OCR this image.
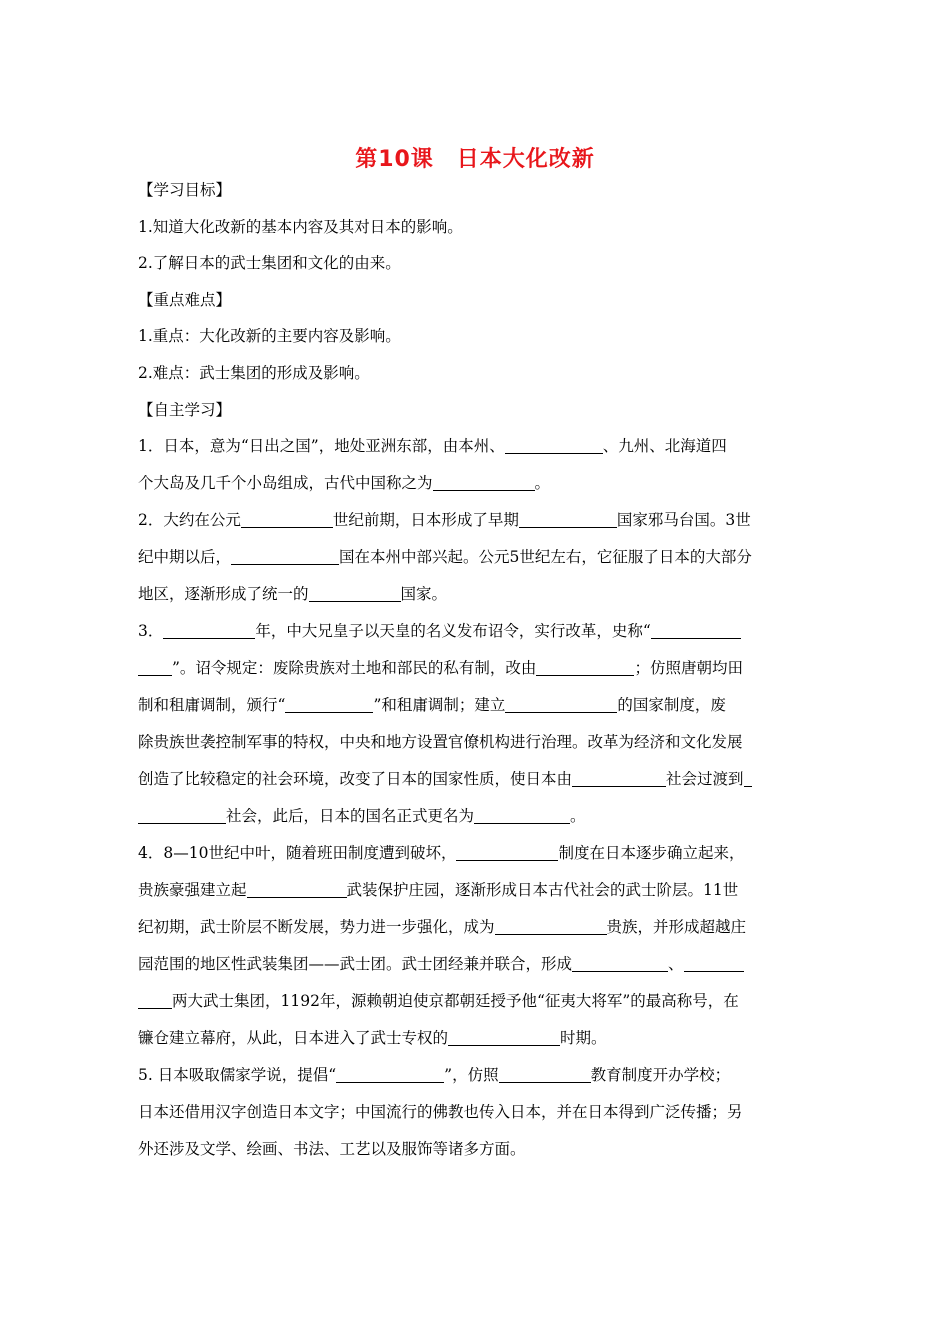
第10课　日本大化改新
【学习目标】
1.知道大化改新的基本内容及其对日本的影响。
2.了解日本的武士集团和文化的由来。
【重点难点】
1.重点：大化改新的主要内容及影响。
2.难点：武士集团的形成及影响。
【自主学习】
1．日本，意为“日出之国”，地处亚洲东部，由本州、	、九州、北海道四
个大岛及几千个小岛组成，古代中国称之为	。
2．大约在公元	世纪前期，日本形成了早期	国家邪马台国。3世
纪中期以后，	国在本州中部兴起。公元5世纪左右，它征服了日本的大部分
地区，逐渐形成了统一的	国家。
3．	年，中大兄皇子以天皇的名义发布诏令，实行改革，史称“
”。诏令规定：废除贵族对土地和部民的私有制，改由	；仿照唐朝均田
制和租庸调制，颁行“	”和租庸调制；建立	的国家制度，废
除贵族世袭控制军事的特权，中央和地方设置官僚机构进行治理。改革为经济和文化发展
创造了比较稳定的社会环境，改变了日本的国家性质，使日本由	社会过渡到
社会，此后，日本的国名正式更名为	。
4．8—10世纪中叶，随着班田制度遭到破坏，	制度在日本逐步确立起来，
贵族豪强建立起	武装保护庄园，逐渐形成日本古代社会的武士阶层。11世
纪初期，武士阶层不断发展，势力进一步强化，成为	贵族，并形成超越庄
园范围的地区性武装集团——武士团。武士团经兼并联合，形成	、
两大武士集团，1192年，源赖朝迫使京都朝廷授予他“征夷大将军”的最高称号，在
镰仓建立幕府，从此，日本进入了武士专权的	时期。
5. 日本吸取儒家学说，提倡“	”，仿照	教育制度开办学校；
日本还借用汉字创造日本文字；中国流行的佛教也传入日本，并在日本得到广泛传播；另
外还涉及文学、绘画、书法、工艺以及服饰等诸多方面。
